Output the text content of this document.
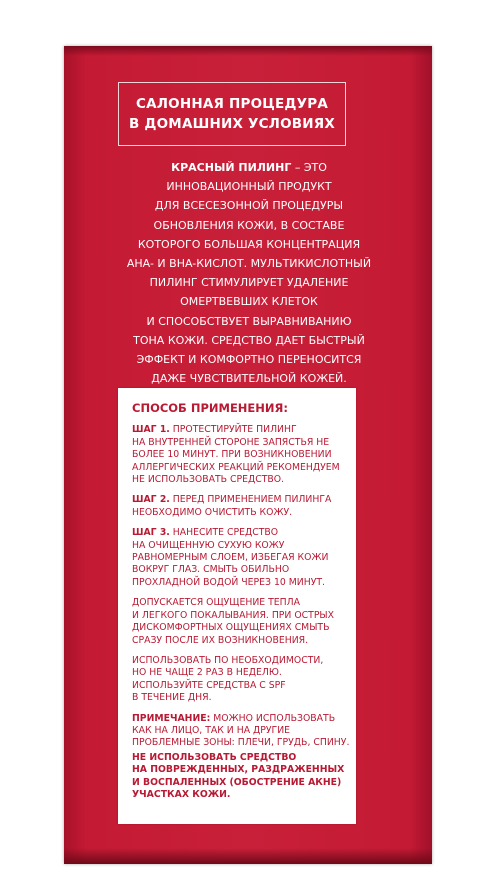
САЛОННАЯ ПРОЦЕДУРА
В ДОМАШНИХ УСЛОВИЯХ
КРАСНЫЙ ПИЛИНГ – ЭТО
ИННОВАЦИОННЫЙ ПРОДУКТ
ДЛЯ ВСЕСЕЗОННОЙ ПРОЦЕДУРЫ
ОБНОВЛЕНИЯ КОЖИ, В СОСТАВЕ
КОТОРОГО БОЛЬШАЯ КОНЦЕНТРАЦИЯ
AHA- И BHA-КИСЛОТ. МУЛЬТИКИСЛОТНЫЙ
ПИЛИНГ СТИМУЛИРУЕТ УДАЛЕНИЕ
ОМЕРТВЕВШИХ КЛЕТОК
И СПОСОБСТВУЕТ ВЫРАВНИВАНИЮ
ТОНА КОЖИ. СРЕДСТВО ДАЕТ БЫСТРЫЙ
ЭФФЕКТ И КОМФОРТНО ПЕРЕНОСИТСЯ
ДАЖЕ ЧУВСТВИТЕЛЬНОЙ КОЖЕЙ.
СПОСОБ ПРИМЕНЕНИЯ:
ШАГ 1. ПРОТЕСТИРУЙТЕ ПИЛИНГ
НА ВНУТРЕННЕЙ СТОРОНЕ ЗАПЯСТЬЯ НЕ
БОЛЕЕ 10 МИНУТ. ПРИ ВОЗНИКНОВЕНИИ
АЛЛЕРГИЧЕСКИХ РЕАКЦИЙ РЕКОМЕНДУЕМ
НЕ ИСПОЛЬЗОВАТЬ СРЕДСТВО.
ШАГ 2. ПЕРЕД ПРИМЕНЕНИЕМ ПИЛИНГА
НЕОБХОДИМО ОЧИСТИТЬ КОЖУ.
ШАГ 3. НАНЕСИТЕ СРЕДСТВО
НА ОЧИЩЕННУЮ СУХУЮ КОЖУ
РАВНОМЕРНЫМ СЛОЕМ, ИЗБЕГАЯ КОЖИ
ВОКРУГ ГЛАЗ. СМЫТЬ ОБИЛЬНО
ПРОХЛАДНОЙ ВОДОЙ ЧЕРЕЗ 10 МИНУТ.
ДОПУСКАЕТСЯ ОЩУЩЕНИЕ ТЕПЛА
И ЛЕГКОГО ПОКАЛЫВАНИЯ. ПРИ ОСТРЫХ
ДИСКОМФОРТНЫХ ОЩУЩЕНИЯХ СМЫТЬ
СРАЗУ ПОСЛЕ ИХ ВОЗНИКНОВЕНИЯ.
ИСПОЛЬЗОВАТЬ ПО НЕОБХОДИМОСТИ,
НО НЕ ЧАЩЕ 2 РАЗ В НЕДЕЛЮ.
ИСПОЛЬЗУЙТЕ СРЕДСТВА С SPF
В ТЕЧЕНИЕ ДНЯ.
ПРИМЕЧАНИЕ: МОЖНО ИСПОЛЬЗОВАТЬ
КАК НА ЛИЦО, ТАК И НА ДРУГИЕ
ПРОБЛЕМНЫЕ ЗОНЫ: ПЛЕЧИ, ГРУДЬ, СПИНУ.
НЕ ИСПОЛЬЗОВАТЬ СРЕДСТВО
НА ПОВРЕЖДЕННЫХ, РАЗДРАЖЕННЫХ
И ВОСПАЛЕННЫХ (ОБОСТРЕНИЕ АКНЕ)
УЧАСТКАХ КОЖИ.
